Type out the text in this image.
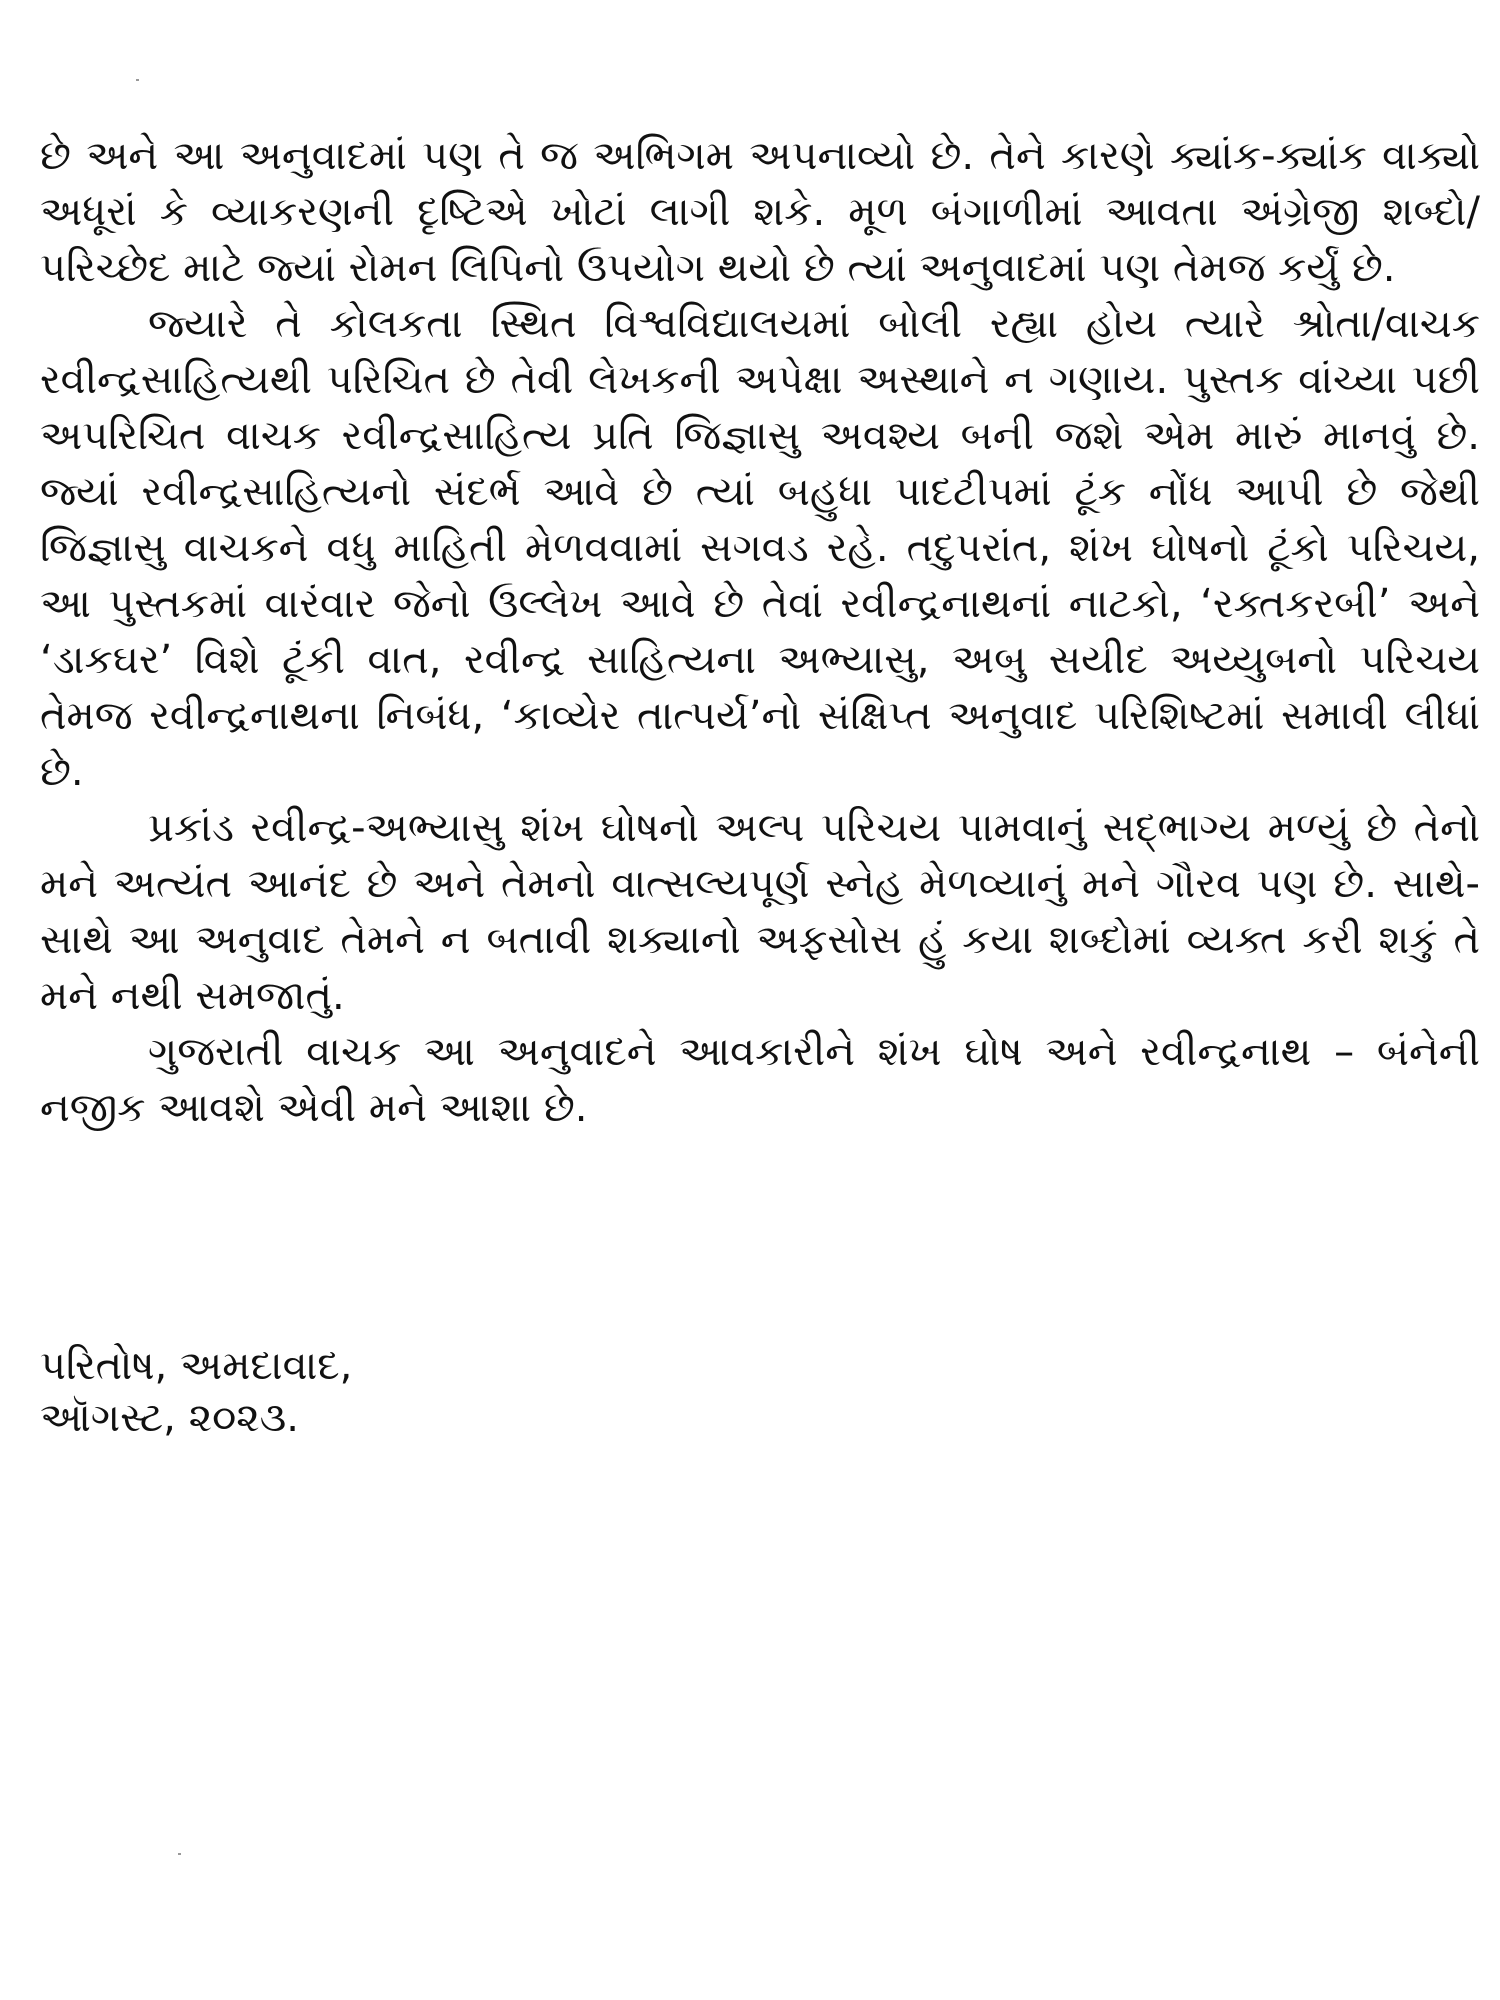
છે અને આ અનુવાદમાં પણ તે જ અભિગમ અપનાવ્યો છે. તેને કારણે ક્યાંક-ક્યાંક વાક્યો અધૂરાં કે વ્યાકરણની દૃષ્ટિએ ખોટાં લાગી શકે. મૂળ બંગાળીમાં આવતા અંગ્રેજી શબ્દો/પરિચ્છેદ માટે જ્યાં રોમન લિપિનો ઉપયોગ થયો છે ત્યાં અનુવાદમાં પણ તેમજ કર્યું છે.

જ્યારે તે કોલકતા સ્થિત વિશ્વવિદ્યાલયમાં બોલી રહ્યા હોય ત્યારે શ્રોતા/વાચક રવીન્દ્રસાહિત્યથી પરિચિત છે તેવી લેખકની અપેક્ષા અસ્થાને ન ગણાય. પુસ્તક વાંચ્યા પછી અપરિચિત વાચક રવીન્દ્રસાહિત્ય પ્રતિ જિજ્ઞાસુ અવશ્ય બની જશે એમ મારું માનવું છે. જ્યાં રવીન્દ્રસાહિત્યનો સંદર્ભ આવે છે ત્યાં બહુધા પાદટીપમાં ટૂંક નોંધ આપી છે જેથી જિજ્ઞાસુ વાચકને વધુ માહિતી મેળવવામાં સગવડ રહે. તદુપરાંત, શંખ ઘોષનો ટૂંકો પરિચય, આ પુસ્તકમાં વારંવાર જેનો ઉલ્લેખ આવે છે તેવાં રવીન્દ્રનાથનાં નાટકો, ‘રક્તકરબી’ અને ‘ડાકઘર’ વિશે ટૂંકી વાત, રવીન્દ્ર સાહિત્યના અભ્યાસુ, અબુ સયીદ અય્યુબનો પરિચય તેમજ રવીન્દ્રનાથના નિબંધ, ‘કાવ્યેર તાત્પર્ય’નો સંક્ષિપ્ત અનુવાદ પરિશિષ્ટમાં સમાવી લીધાં છે.

પ્રકાંડ રવીન્દ્ર-અભ્યાસુ શંખ ઘોષનો અલ્પ પરિચય પામવાનું સદ્ભાગ્ય મળ્યું છે તેનો મને અત્યંત આનંદ છે અને તેમનો વાત્સલ્યપૂર્ણ સ્નેહ મેળવ્યાનું મને ગૌરવ પણ છે. સાથે-સાથે આ અનુવાદ તેમને ન બતાવી શક્યાનો અફસોસ હું કયા શબ્દોમાં વ્યક્ત કરી શકું તે મને નથી સમજાતું.

ગુજરાતી વાચક આ અનુવાદને આવકારીને શંખ ઘોષ અને રવીન્દ્રનાથ – બંનેની નજીક આવશે એવી મને આશા છે.

પરિતોષ, અમદાવાદ,
ઑગસ્ટ, ૨૦૨૩.
